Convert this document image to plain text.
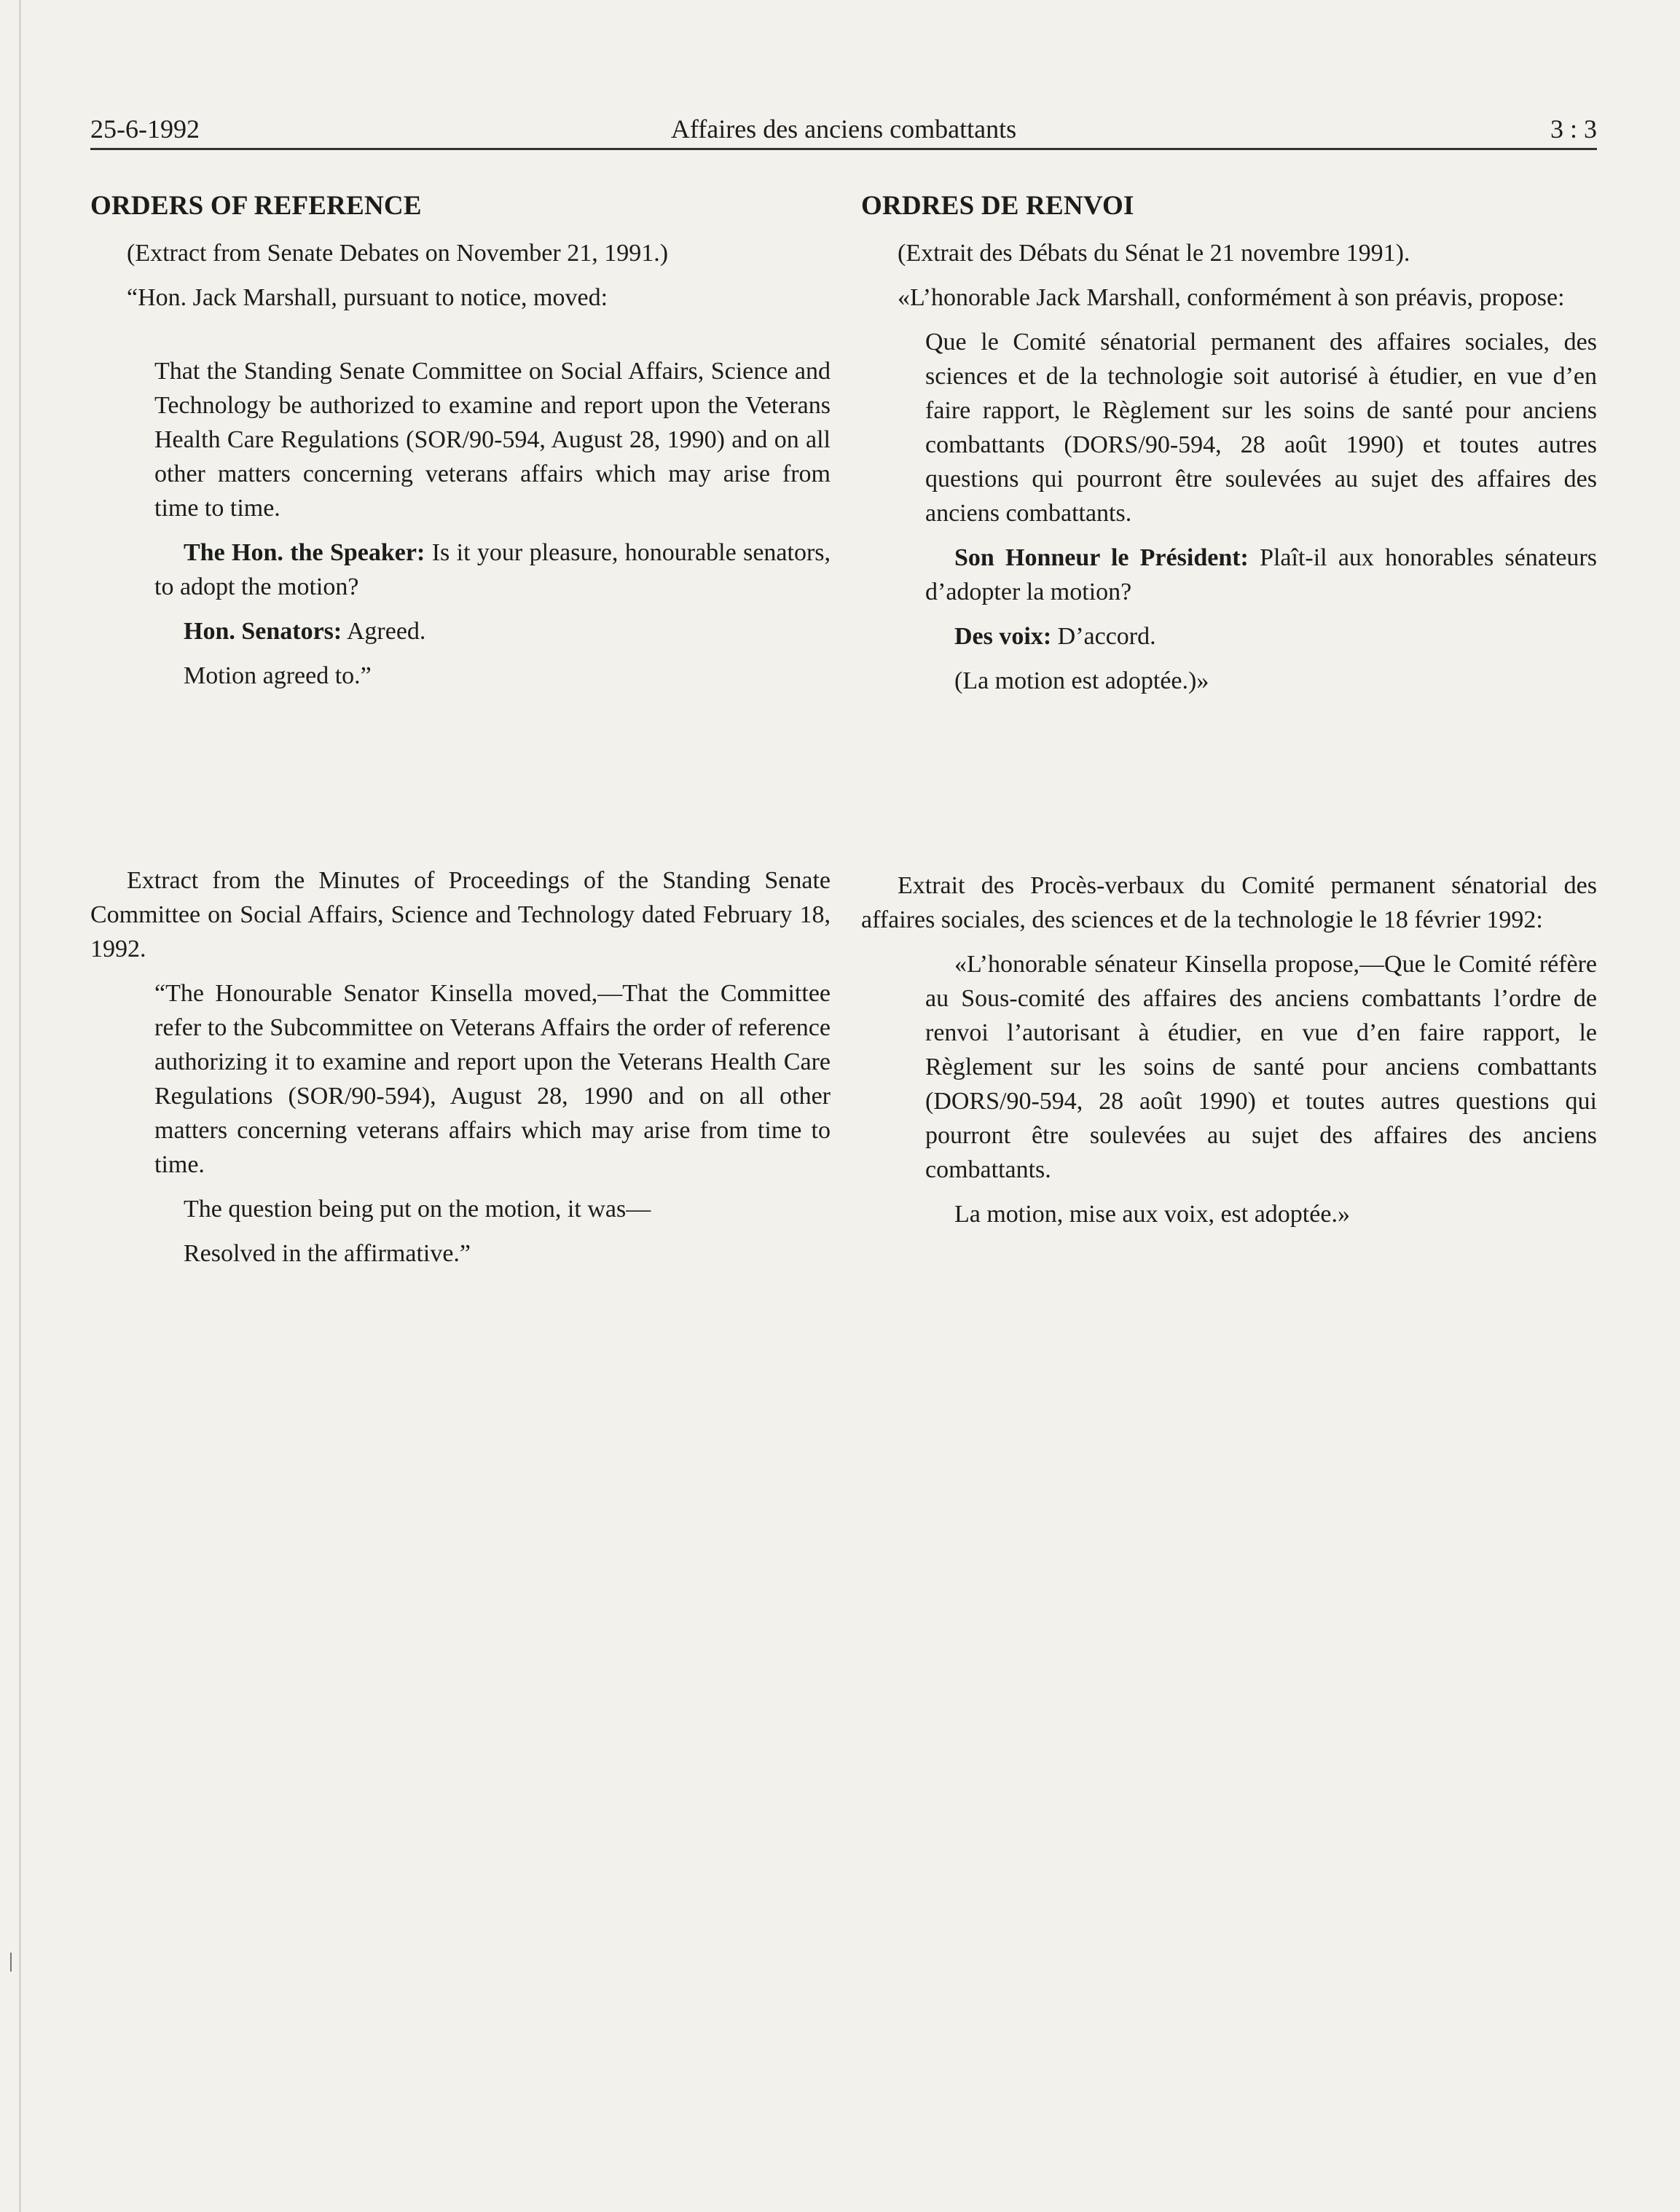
25-6-1992	Affaires des anciens combattants	3 : 3
ORDERS OF REFERENCE

(Extract from Senate Debates on November 21, 1991.)

“Hon. Jack Marshall, pursuant to notice, moved:

That the Standing Senate Committee on Social Affairs, Science and Technology be authorized to examine and report upon the Veterans Health Care Regulations (SOR/90-594, August 28, 1990) and on all other matters concerning veterans affairs which may arise from time to time.

The Hon. the Speaker: Is it your pleasure, honourable senators, to adopt the motion?

Hon. Senators: Agreed.

Motion agreed to.”

Extract from the Minutes of Proceedings of the Standing Senate Committee on Social Affairs, Science and Technology dated February 18, 1992.

“The Honourable Senator Kinsella moved,—That the Committee refer to the Subcommittee on Veterans Affairs the order of reference authorizing it to examine and report upon the Veterans Health Care Regulations (SOR/90-594), August 28, 1990 and on all other matters concerning veterans affairs which may arise from time to time.

The question being put on the motion, it was—

Resolved in the affirmative.”

ORDRES DE RENVOI

(Extrait des Débats du Sénat le 21 novembre 1991).

«L’honorable Jack Marshall, conformément à son préavis, propose:

Que le Comité sénatorial permanent des affaires sociales, des sciences et de la technologie soit autorisé à étudier, en vue d’en faire rapport, le Règlement sur les soins de santé pour anciens combattants (DORS/90-594, 28 août 1990) et toutes autres questions qui pourront être soulevées au sujet des affaires des anciens combattants.

Son Honneur le Président: Plaît-il aux honorables sénateurs d’adopter la motion?

Des voix: D’accord.

(La motion est adoptée.)»

Extrait des Procès-verbaux du Comité permanent sénatorial des affaires sociales, des sciences et de la technologie le 18 février 1992:

«L’honorable sénateur Kinsella propose,—Que le Comité réfère au Sous-comité des affaires des anciens combattants l’ordre de renvoi l’autorisant à étudier, en vue d’en faire rapport, le Règlement sur les soins de santé pour anciens combattants (DORS/90-594, 28 août 1990) et toutes autres questions qui pourront être soulevées au sujet des affaires des anciens combattants.

La motion, mise aux voix, est adoptée.»
